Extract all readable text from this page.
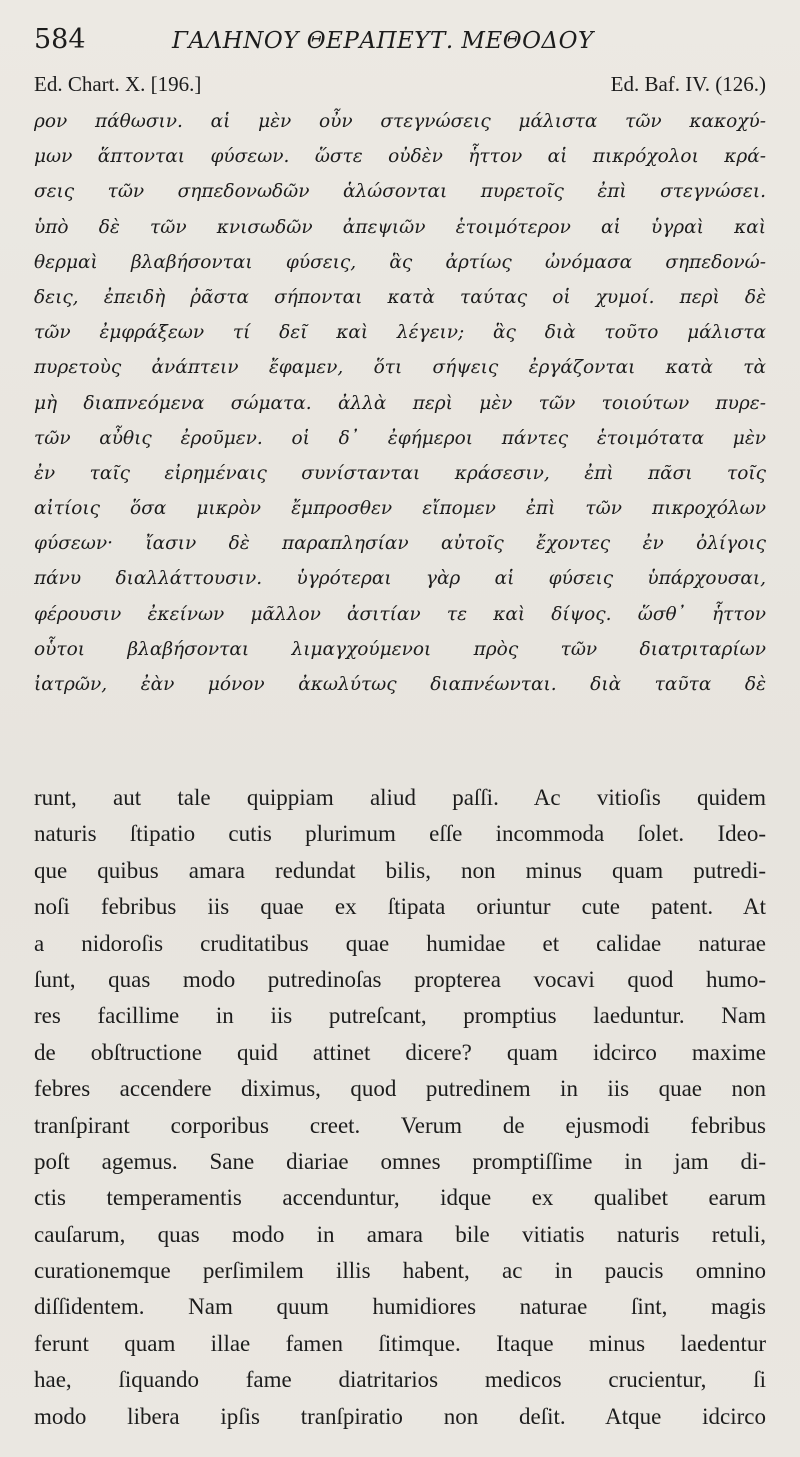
584	ΓΑΛΗΝΟΥ ΘΕΡΑΠΕΥΤ. ΜΕΘΟΔΟΥ
Ed. Chart. X. [196.]	Ed. Baf. IV. (126.)
ρον πάθωσιν. αἱ μὲν οὖν στεγνώσεις μάλιστα τῶν κακοχύ-
μων ἅπτονται φύσεων. ὥστε οὐδὲν ἧττον αἱ πικρόχολοι κρά-
σεις τῶν σηπεδονωδῶν ἁλώσονται πυρετοῖς ἐπὶ στεγνώσει.
ὑπὸ δὲ τῶν κνισωδῶν ἀπεψιῶν ἑτοιμότερον αἱ ὑγραὶ καὶ
θερμαὶ βλαβήσονται φύσεις, ἃς ἀρτίως ὠνόμασα σηπεδονώ-
δεις, ἐπειδὴ ῥᾶστα σήπονται κατὰ ταύτας οἱ χυμοί. περὶ δὲ
τῶν ἐμφράξεων τί δεῖ καὶ λέγειν; ἃς διὰ τοῦτο μάλιστα
πυρετοὺς ἀνάπτειν ἔφαμεν, ὅτι σήψεις ἐργάζονται κατὰ τὰ
μὴ διαπνεόμενα σώματα. ἀλλὰ περὶ μὲν τῶν τοιούτων πυρε-
τῶν αὖθις ἐροῦμεν. οἱ δ᾽ ἐφήμεροι πάντες ἑτοιμότατα μὲν
ἐν ταῖς εἰρημέναις συνίστανται κράσεσιν, ἐπὶ πᾶσι τοῖς
αἰτίοις ὅσα μικρὸν ἔμπροσθεν εἴπομεν ἐπὶ τῶν πικροχόλων
φύσεων· ἴασιν δὲ παραπλησίαν αὐτοῖς ἔχοντες ἐν ὀλίγοις
πάνυ διαλλάττουσιν. ὑγρότεραι γὰρ αἱ φύσεις ὑπάρχουσαι,
φέρουσιν ἐκείνων μᾶλλον ἀσιτίαν τε καὶ δίψος. ὥσθ᾽ ἧττον
οὗτοι βλαβήσονται λιμαγχούμενοι πρὸς τῶν διατριταρίων
ἰατρῶν, ἐὰν μόνον ἀκωλύτως διαπνέωνται. διὰ ταῦτα δὲ
runt, aut tale quippiam aliud paſſi. Ac vitioſis quidem
naturis ſtipatio cutis plurimum eſſe incommoda ſolet. Ideo-
que quibus amara redundat bilis, non minus quam putredi-
noſi febribus iis quae ex ſtipata oriuntur cute patent. At
a nidoroſis cruditatibus quae humidae et calidae naturae
ſunt, quas modo putredinoſas propterea vocavi quod humo-
res facillime in iis putreſcant, promptius laeduntur. Nam
de obſtructione quid attinet dicere? quam idcirco maxime
febres accendere diximus, quod putredinem in iis quae non
tranſpirant corporibus creet. Verum de ejusmodi febribus
poſt agemus. Sane diariae omnes promptiſſime in jam di-
ctis temperamentis accenduntur, idque ex qualibet earum
cauſarum, quas modo in amara bile vitiatis naturis retuli,
curationemque perſimilem illis habent, ac in paucis omnino
diſſidentem. Nam quum humidiores naturae ſint, magis
ferunt quam illae famen ſitimque. Itaque minus laedentur
hae, ſiquando fame diatritarios medicos crucientur, ſi
modo libera ipſis tranſpiratio non deſit. Atque idcirco
